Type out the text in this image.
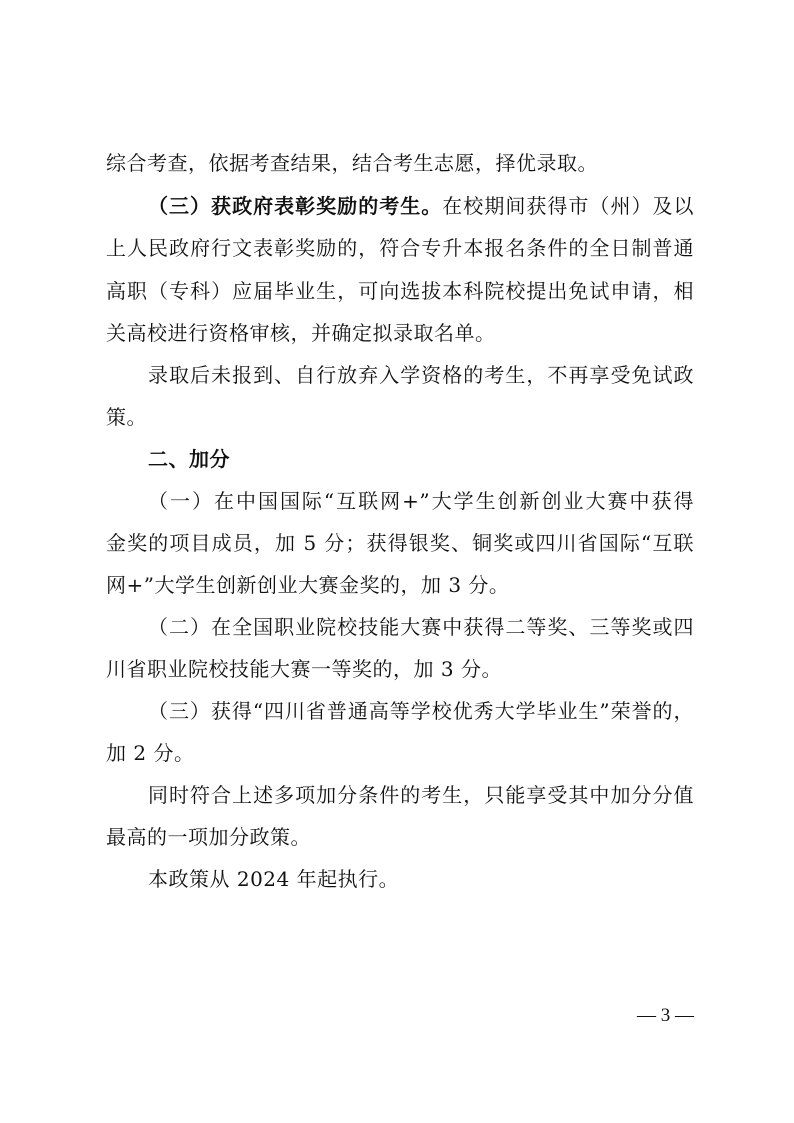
综合考查，依据考查结果，结合考生志愿，择优录取。
（三）获政府表彰奖励的考生。在校期间获得市（州）及以
上人民政府行文表彰奖励的，符合专升本报名条件的全日制普通
高职（专科）应届毕业生，可向选拔本科院校提出免试申请，相
关高校进行资格审核，并确定拟录取名单。
录取后未报到、自行放弃入学资格的考生，不再享受免试政
策。
二、加分
（一）在中国国际“互联网+”大学生创新创业大赛中获得
金奖的项目成员，加 5 分；获得银奖、铜奖或四川省国际“互联
网+”大学生创新创业大赛金奖的，加 3 分。
（二）在全国职业院校技能大赛中获得二等奖、三等奖或四
川省职业院校技能大赛一等奖的，加 3 分。
（三）获得“四川省普通高等学校优秀大学毕业生”荣誉的，
加 2 分。
同时符合上述多项加分条件的考生，只能享受其中加分分值
最高的一项加分政策。
本政策从 2024 年起执行。
— 3 —
